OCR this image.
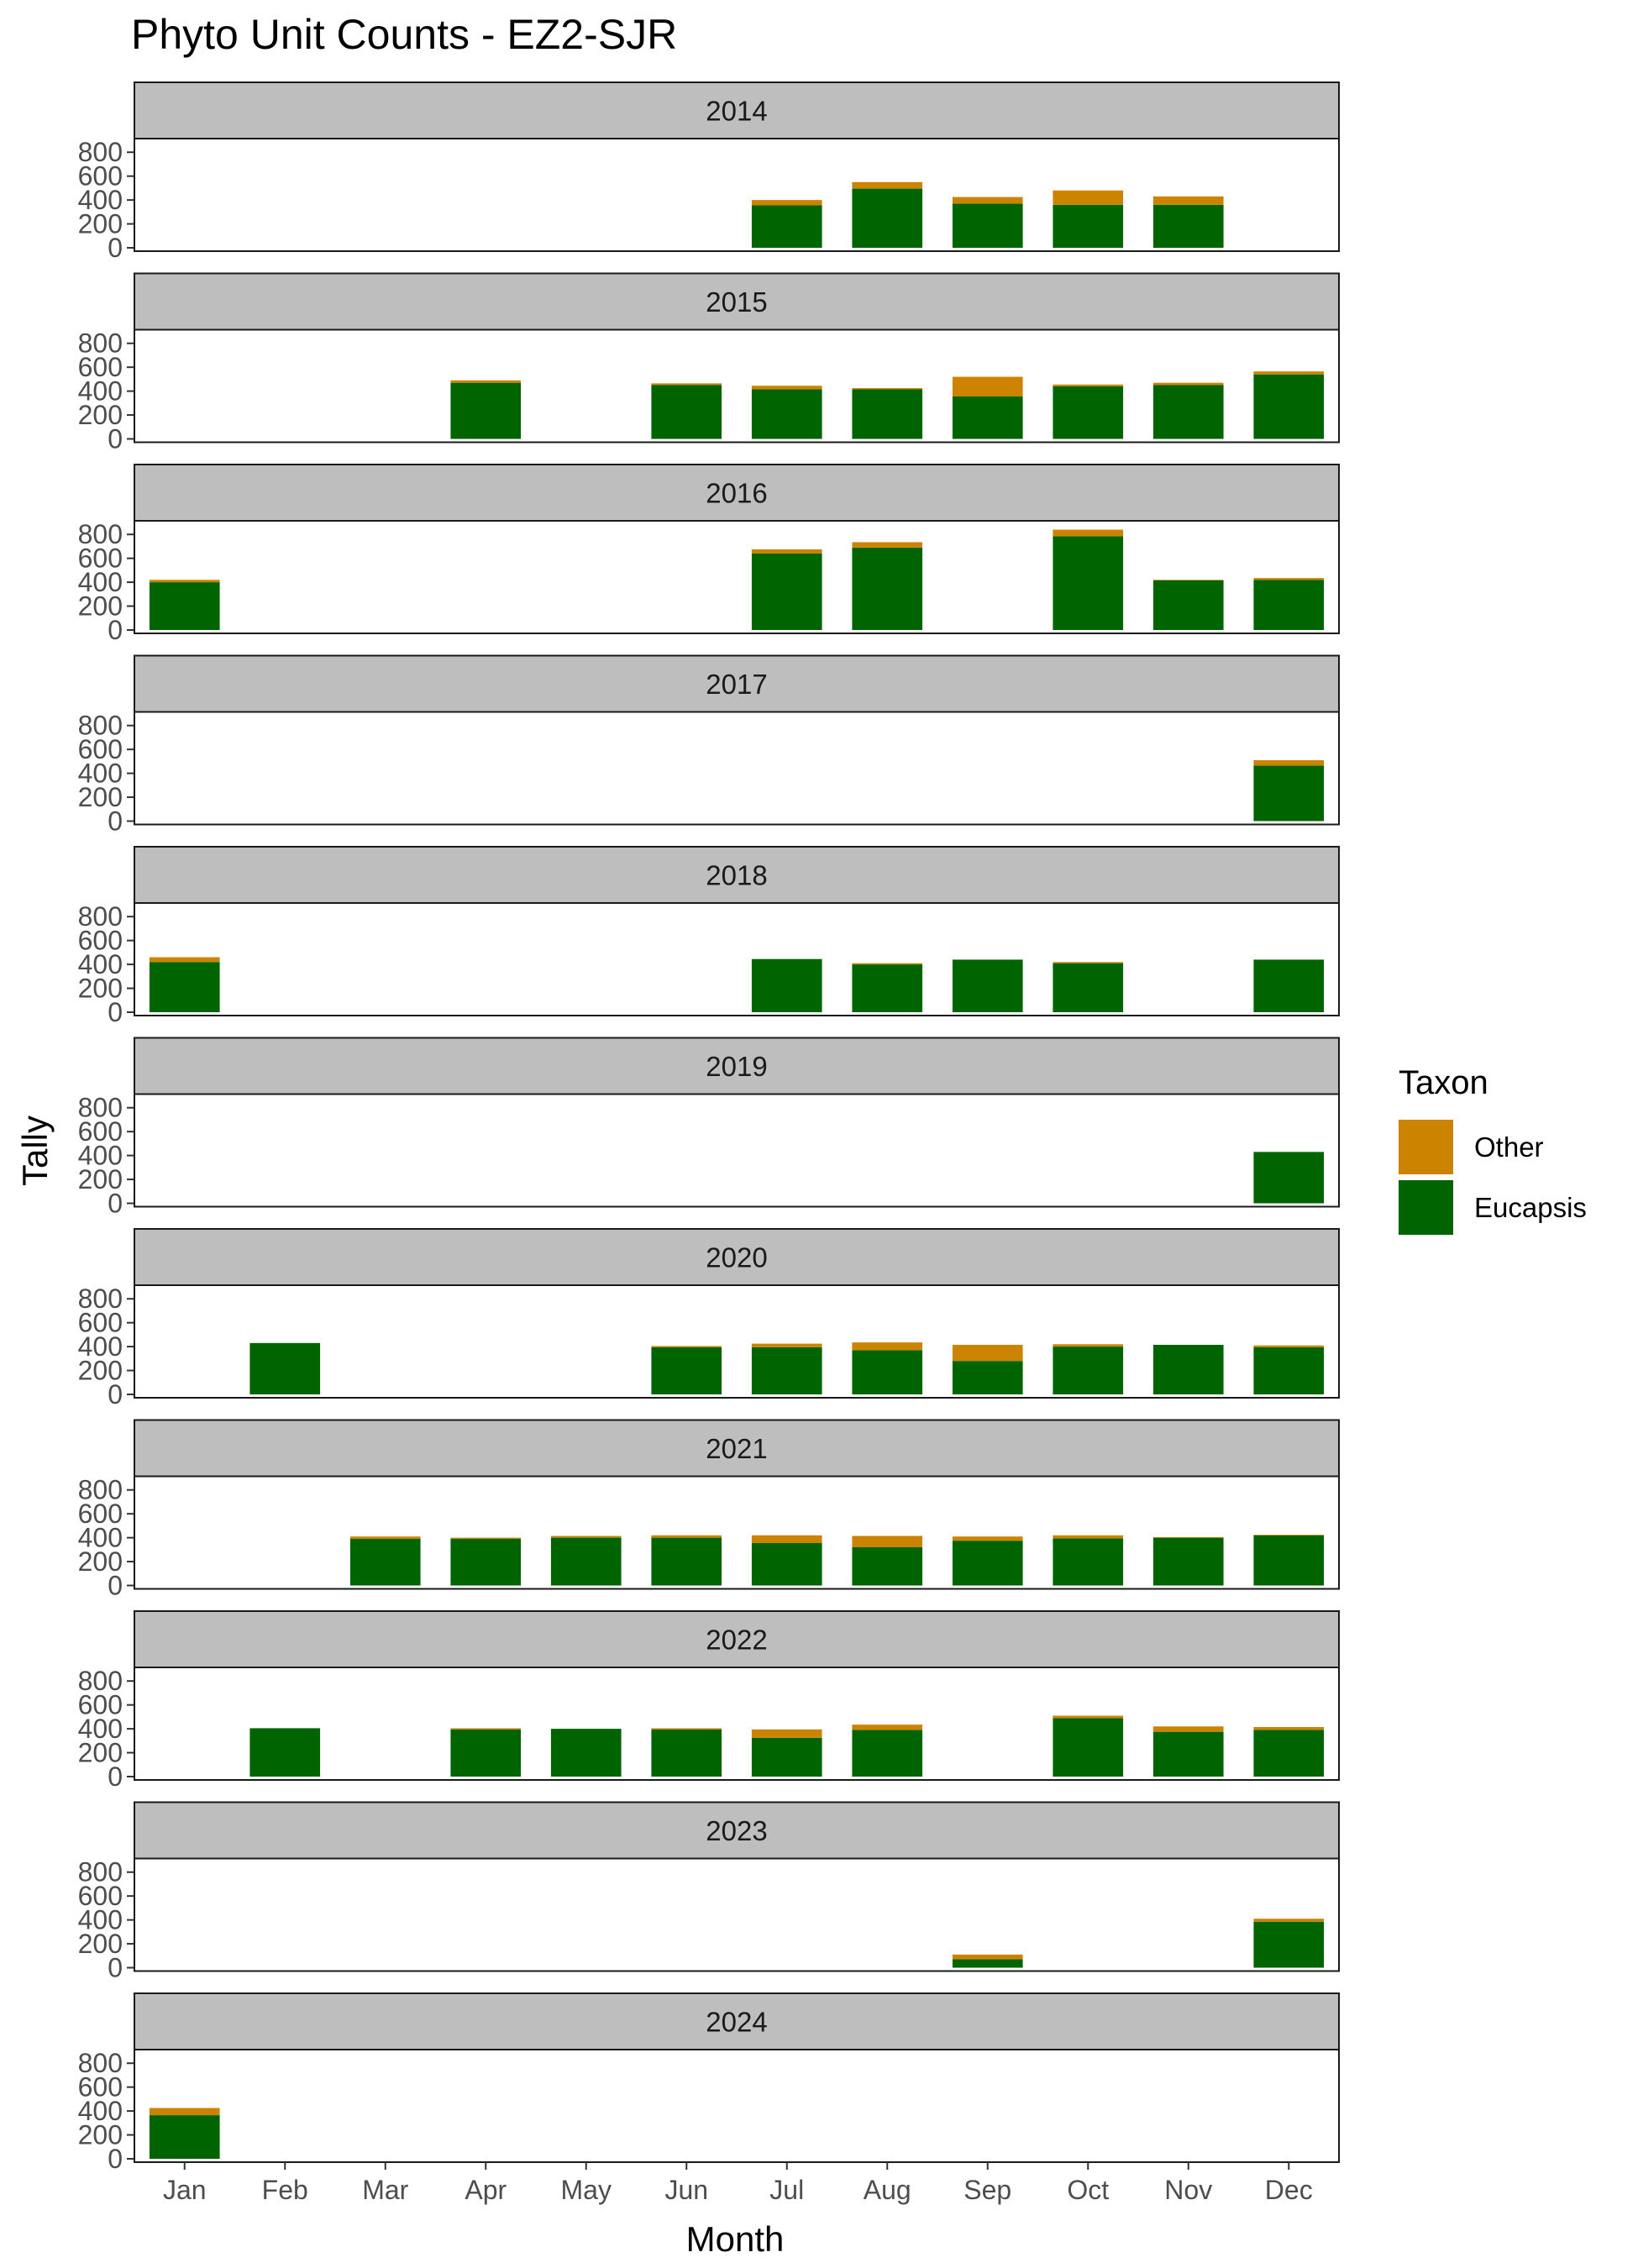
Phyto Unit Counts - EZ2-SJR
2014
0
200
400
600
800
2015
0
200
400
600
800
2016
0
200
400
600
800
2017
0
200
400
600
800
2018
0
200
400
600
800
2019
0
200
400
600
800
2020
0
200
400
600
800
2021
0
200
400
600
800
2022
0
200
400
600
800
2023
0
200
400
600
800
2024
0
200
400
600
800
Jan Feb Mar Apr May Jun Jul Aug Sep Oct Nov Dec
Month
Tally
Taxon
Other
Eucapsis
